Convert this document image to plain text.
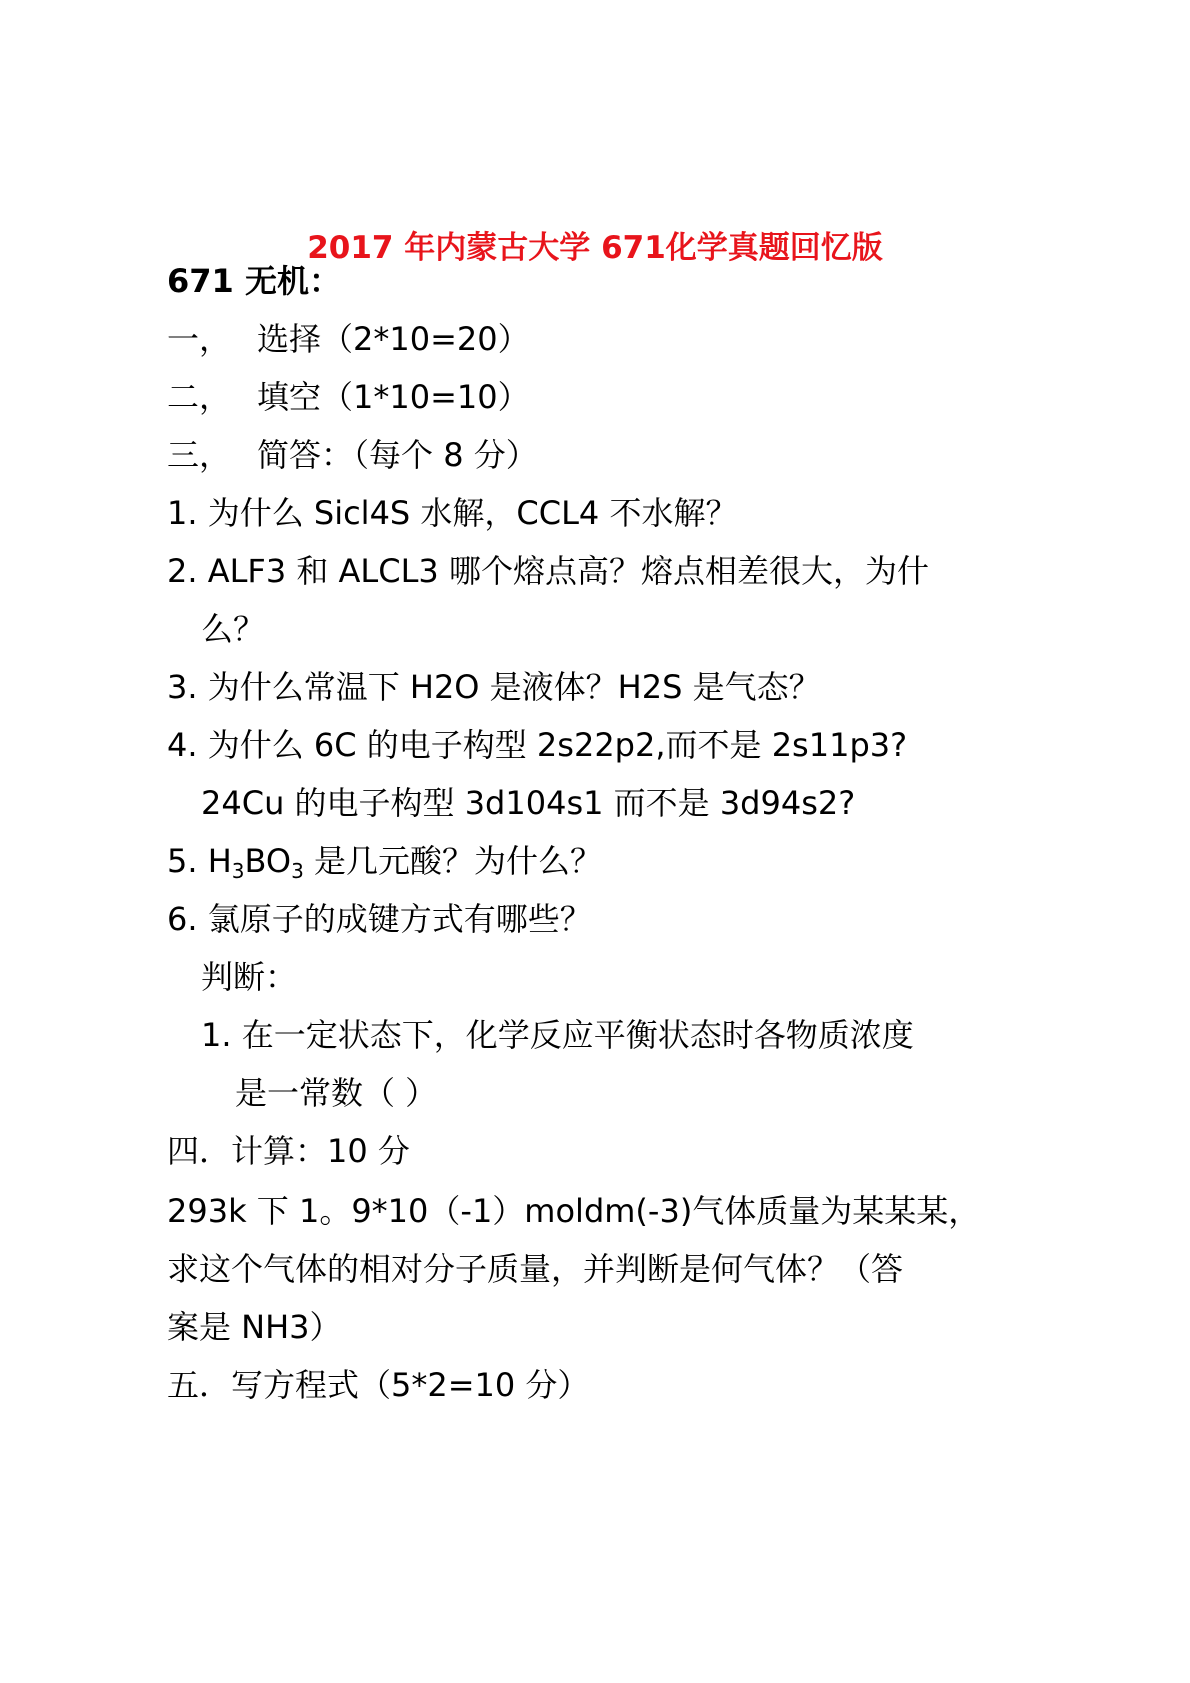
2017 年内蒙古大学 671化学真题回忆版
671 无机：
一， 选择（2*10=20）
二， 填空（1*10=10）
三， 简答：（每个 8 分）
1. 为什么 Sicl4S 水解，CCL4 不水解？
2. ALF3 和 ALCL3 哪个熔点高？熔点相差很大，为什
么？
3. 为什么常温下 H2O 是液体？H2S 是气态？
4. 为什么 6C 的电子构型 2s22p2,而不是 2s11p3?
24Cu 的电子构型 3d104s1 而不是 3d94s2?
5. $H_3BO_3$ 是几元酸？为什么？
6. 氯原子的成键方式有哪些？
判断：
1. 在一定状态下，化学反应平衡状态时各物质浓度
是一常数（ ）
四．计算：10 分
293k 下 1。9*10（-1）moldm(-3)气体质量为某某某，
求这个气体的相对分子质量，并判断是何气体？（答
案是 NH3）
五．写方程式（5*2=10 分）
